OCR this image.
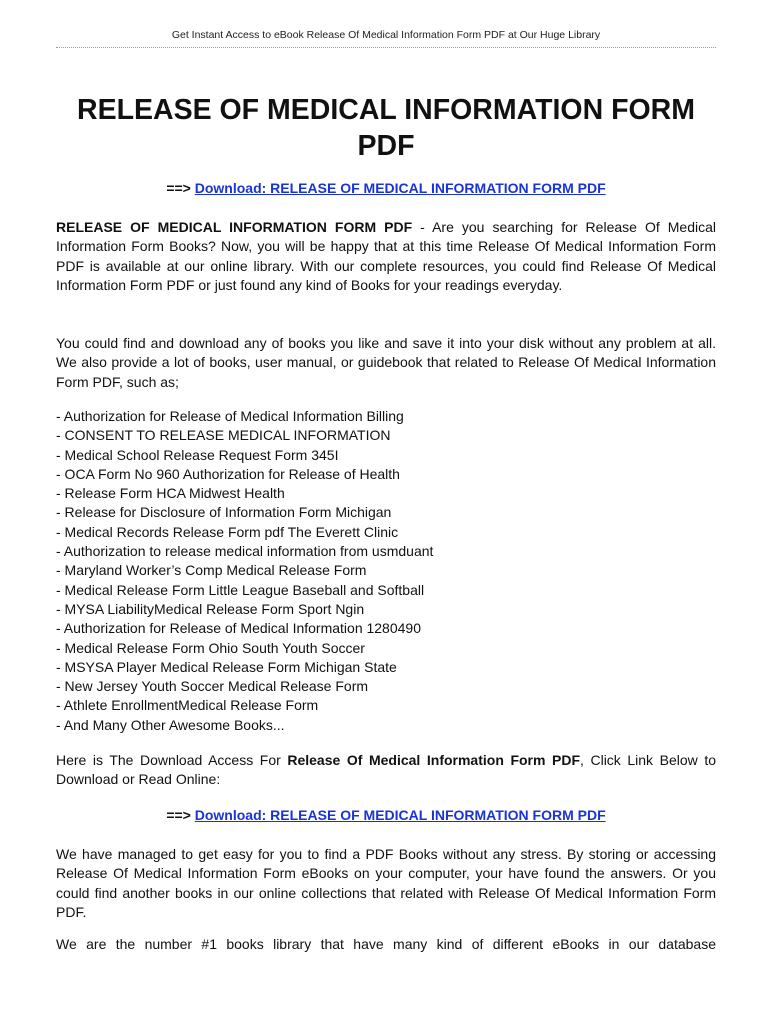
Get Instant Access to eBook Release Of Medical Information Form PDF at Our Huge Library
RELEASE OF MEDICAL INFORMATION FORM PDF
==> Download: RELEASE OF MEDICAL INFORMATION FORM PDF

RELEASE OF MEDICAL INFORMATION FORM PDF - Are you searching for Release Of Medical Information Form Books? Now, you will be happy that at this time Release Of Medical Information Form PDF is available at our online library. With our complete resources, you could find Release Of Medical Information Form PDF or just found any kind of Books for your readings everyday.

You could find and download any of books you like and save it into your disk without any problem at all. We also provide a lot of books, user manual, or guidebook that related to Release Of Medical Information Form PDF, such as;

- Authorization for Release of Medical Information Billing
- CONSENT TO RELEASE MEDICAL INFORMATION
- Medical School Release Request Form 345I
- OCA Form No 960 Authorization for Release of Health
- Release Form HCA Midwest Health
- Release for Disclosure of Information Form Michigan
- Medical Records Release Form pdf The Everett Clinic
- Authorization to release medical information from usmduant
- Maryland Worker’s Comp Medical Release Form
- Medical Release Form Little League Baseball and Softball
- MYSA LiabilityMedical Release Form Sport Ngin
- Authorization for Release of Medical Information 1280490
- Medical Release Form Ohio South Youth Soccer
- MSYSA Player Medical Release Form Michigan State
- New Jersey Youth Soccer Medical Release Form
- Athlete EnrollmentMedical Release Form
- And Many Other Awesome Books...

Here is The Download Access For Release Of Medical Information Form PDF, Click Link Below to Download or Read Online:

==> Download: RELEASE OF MEDICAL INFORMATION FORM PDF

We have managed to get easy for you to find a PDF Books without any stress. By storing or accessing Release Of Medical Information Form eBooks on your computer, your have found the answers. Or you could find another books in our online collections that related with Release Of Medical Information Form PDF.

We are the number #1 books library that have many kind of different eBooks in our database
